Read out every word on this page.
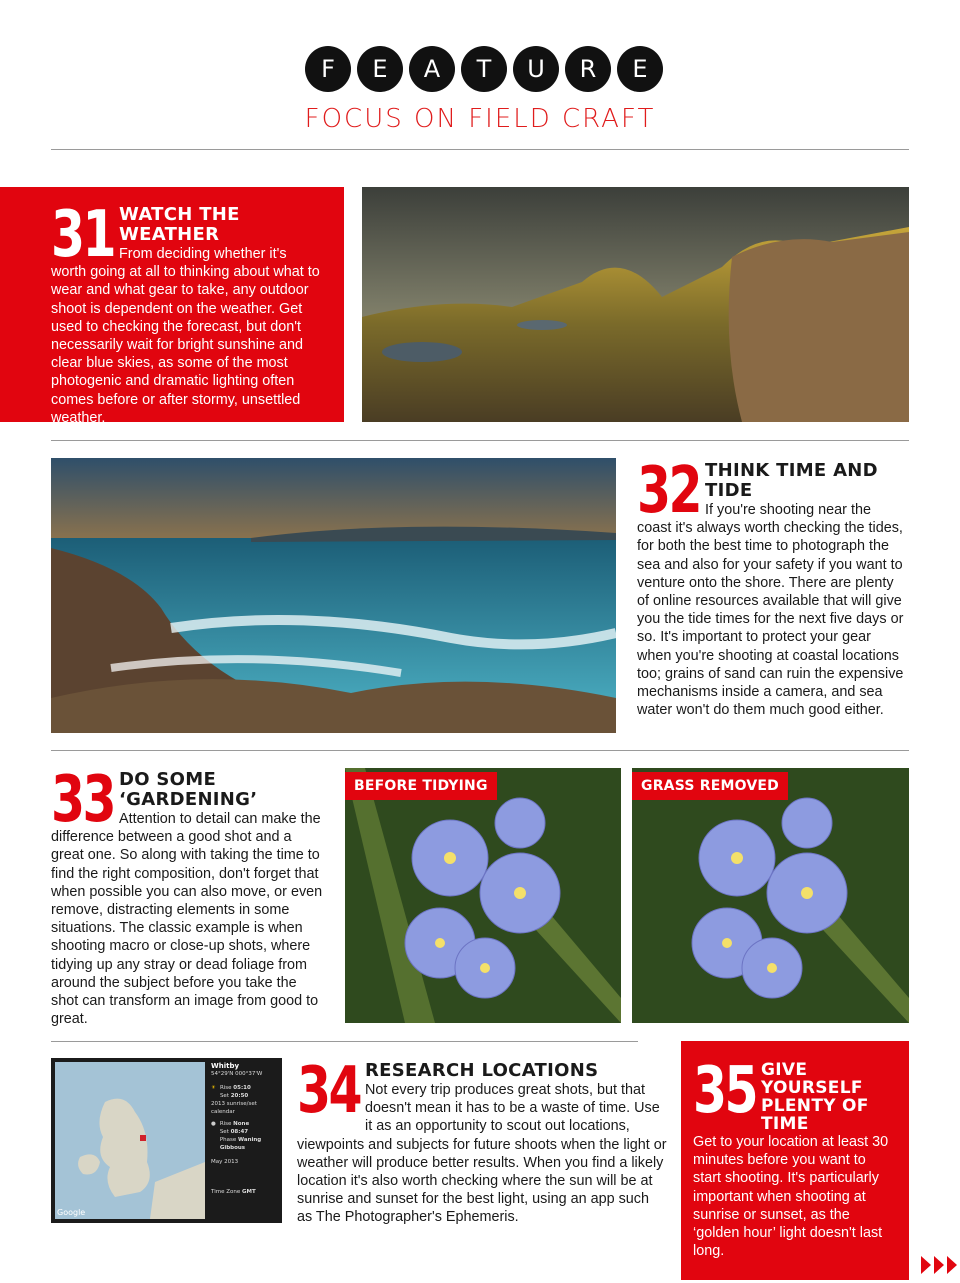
F	E	A	T	U	R	E
FOCUS ON FIELD CRAFT
31 WATCH THE WEATHER
From deciding whether it's worth going at all to thinking about what to wear and what gear to take, any outdoor shoot is dependent on the weather. Get used to checking the forecast, but don't necessarily wait for bright sunshine and clear blue skies, as some of the most photogenic and dramatic lighting often comes before or after stormy, unsettled weather.
32 THINK TIME AND TIDE
If you're shooting near the coast it's always worth checking the tides, for both the best time to photograph the sea and also for your safety if you want to venture onto the shore. There are plenty of online resources available that will give you the tide times for the next five days or so. It's important to protect your gear when you're shooting at coastal locations too; grains of sand can ruin the expensive mechanisms inside a camera, and sea water won't do them much good either.
33 DO SOME ‘GARDENING’
Attention to detail can make the difference between a good shot and a great one. So along with taking the time to find the right composition, don't forget that when possible you can also move, or even remove, distracting elements in some situations. The classic example is when shooting macro or close-up shots, where tidying up any stray or dead foliage from around the subject before you take the shot can transform an image from good to great.
BEFORE TIDYING	GRASS REMOVED
Google
Whitby
54°29'N 000°37'W
☀ Rise 05:10
Set 20:50
2013 sunrise/set calendar
● Rise None
Set 08:47
Phase Waning Gibbous
May 2013
Time Zone GMT
34 RESEARCH LOCATIONS
Not every trip produces great shots, but that doesn't mean it has to be a waste of time. Use it as an opportunity to scout out locations, viewpoints and subjects for future shoots when the light or weather will produce better results. When you find a likely location it's also worth checking where the sun will be at sunrise and sunset for the best light, using an app such as The Photographer's Ephemeris.
35 GIVE YOURSELF PLENTY OF TIME
Get to your location at least 30 minutes before you want to start shooting. It's particularly important when shooting at sunrise or sunset, as the ‘golden hour’ light doesn't last long.
